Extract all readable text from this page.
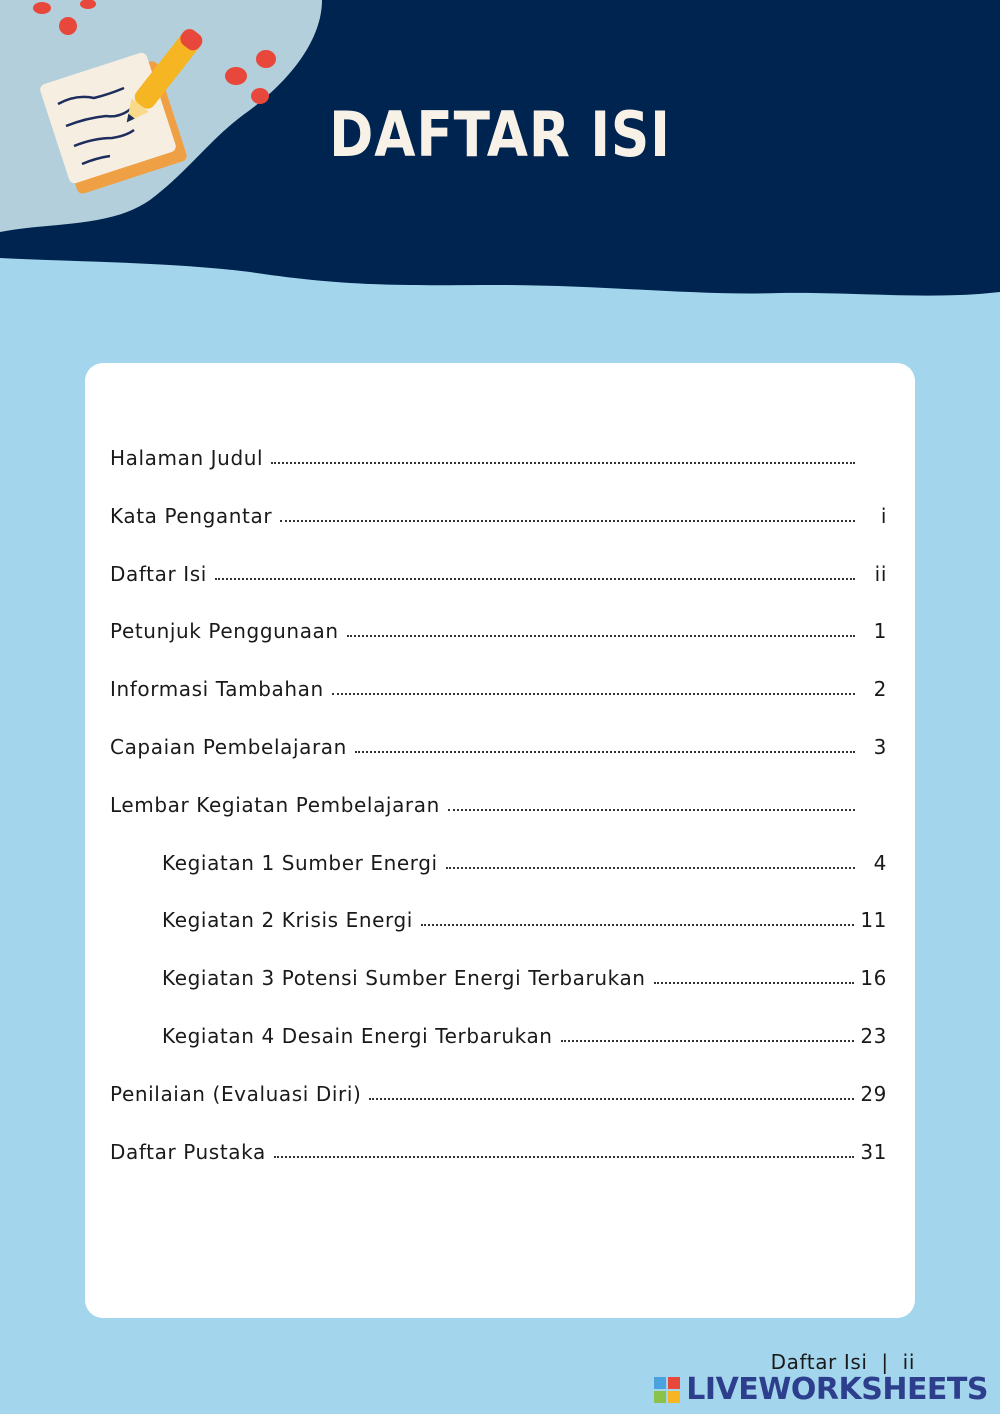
DAFTAR ISI
Halaman Judul
Kata Pengantar	i
Daftar Isi	ii
Petunjuk Penggunaan	1
Informasi Tambahan	2
Capaian Pembelajaran	3
Lembar Kegiatan Pembelajaran
Kegiatan 1 Sumber Energi	4
Kegiatan 2 Krisis Energi	11
Kegiatan 3 Potensi Sumber Energi Terbarukan	16
Kegiatan 4 Desain Energi Terbarukan	23
Penilaian (Evaluasi Diri)	29
Daftar Pustaka	31
Daftar Isi  |  ii
LIVEWORKSHEETS
